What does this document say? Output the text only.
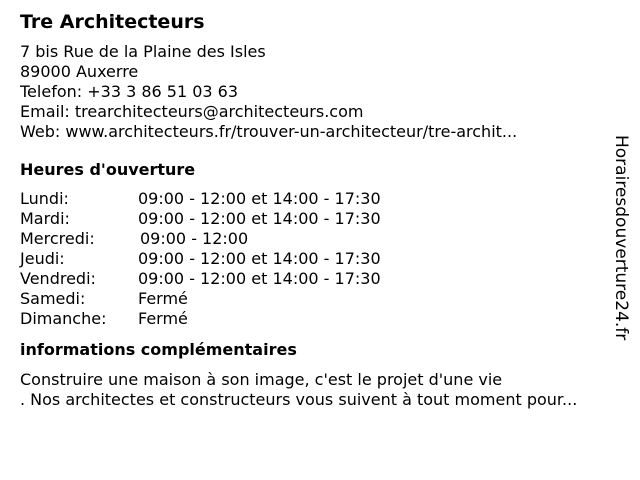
Tre Architecteurs
7 bis Rue de la Plaine des Isles
89000 Auxerre
Telefon: +33 3 86 51 03 63
Email: trearchitecteurs@architecteurs.com
Web: www.architecteurs.fr/trouver-un-architecteur/tre-archit...
Heures d'ouverture
Lundi:	09:00 - 12:00 et 14:00 - 17:30
Mardi:	09:00 - 12:00 et 14:00 - 17:30
Mercredi:	09:00 - 12:00
Jeudi:	09:00 - 12:00 et 14:00 - 17:30
Vendredi:	09:00 - 12:00 et 14:00 - 17:30
Samedi:	Fermé
Dimanche:	Fermé
informations complémentaires
Construire une maison à son image, c'est le projet d'une vie
. Nos architectes et constructeurs vous suivent à tout moment pour...
Horairesdouverture24.fr
